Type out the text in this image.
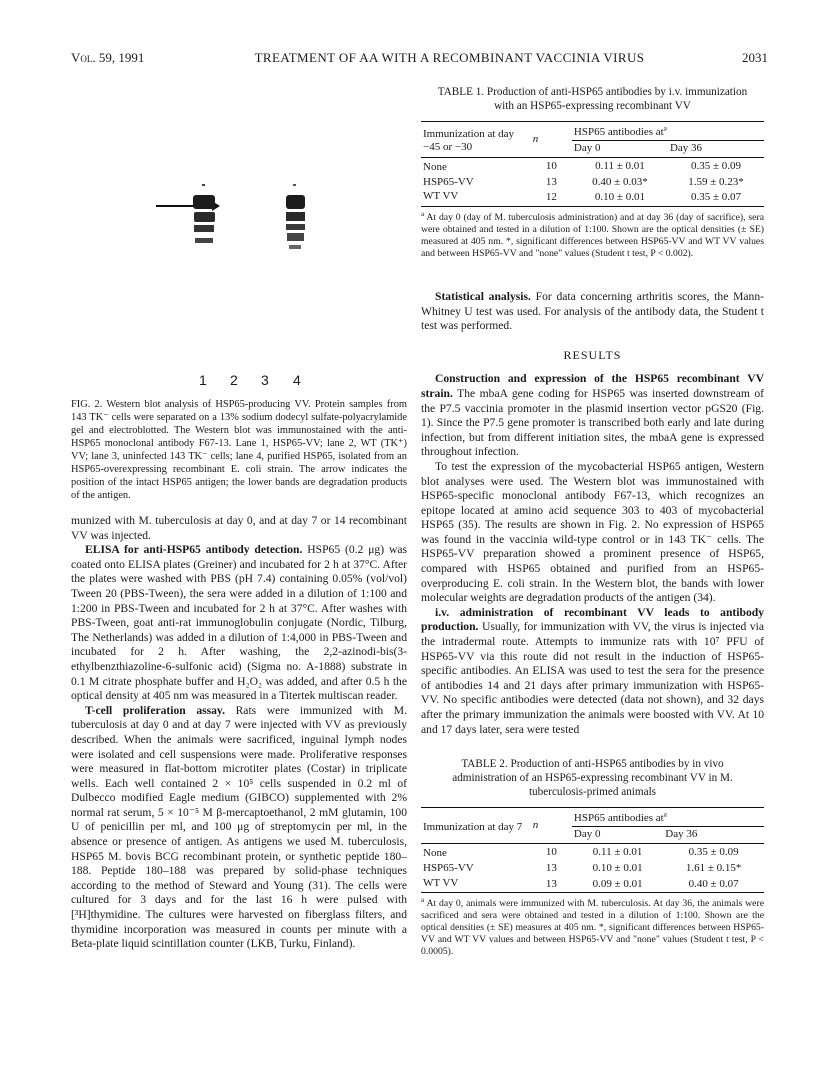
Vol. 59, 1991	TREATMENT OF AA WITH A RECOMBINANT VACCINIA VIRUS	2031
1 2 3 4
FIG. 2. Western blot analysis of HSP65-producing VV. Protein samples from 143 TK⁻ cells were separated on a 13% sodium dodecyl sulfate-polyacrylamide gel and electroblotted. The Western blot was immunostained with the anti-HSP65 monoclonal antibody F67-13. Lane 1, HSP65-VV; lane 2, WT (TK⁺) VV; lane 3, uninfected 143 TK⁻ cells; lane 4, purified HSP65, isolated from an HSP65-overexpressing recombinant E. coli strain. The arrow indicates the position of the intact HSP65 antigen; the lower bands are degradation products of the antigen.

munized with M. tuberculosis at day 0, and at day 7 or 14 recombinant VV was injected.

ELISA for anti-HSP65 antibody detection. HSP65 (0.2 μg) was coated onto ELISA plates (Greiner) and incubated for 2 h at 37°C. After the plates were washed with PBS (pH 7.4) containing 0.05% (vol/vol) Tween 20 (PBS-Tween), the sera were added in a dilution of 1:100 and 1:200 in PBS-Tween and incubated for 2 h at 37°C. After washes with PBS-Tween, goat anti-rat immunoglobulin conjugate (Nordic, Tilburg, The Netherlands) was added in a dilution of 1:4,000 in PBS-Tween and incubated for 2 h. After washing, the 2,2-azinodi-bis(3-ethylbenzthiazoline-6-sulfonic acid) (Sigma no. A-1888) substrate in 0.1 M citrate phosphate buffer and H₂O₂ was added, and after 0.5 h the optical density at 405 nm was measured in a Titertek multiscan reader.

T-cell proliferation assay. Rats were immunized with M. tuberculosis at day 0 and at day 7 were injected with VV as previously described. When the animals were sacrificed, inguinal lymph nodes were isolated and cell suspensions were made. Proliferative responses were measured in flat-bottom microtiter plates (Costar) in triplicate wells. Each well contained 2 × 10⁵ cells suspended in 0.2 ml of Dulbecco modified Eagle medium (GIBCO) supplemented with 2% normal rat serum, 5 × 10⁻⁵ M β-mercaptoethanol, 2 mM glutamin, 100 U of penicillin per ml, and 100 μg of streptomycin per ml, in the absence or presence of antigen. As antigens we used M. tuberculosis, HSP65 M. bovis BCG recombinant protein, or synthetic peptide 180–188. Peptide 180–188 was prepared by solid-phase techniques according to the method of Steward and Young (31). The cells were cultured for 3 days and for the last 16 h were pulsed with [³H]thymidine. The cultures were harvested on fiberglass filters, and thymidine incorporation was measured in counts per minute with a Beta-plate liquid scintillation counter (LKB, Turku, Finland).

TABLE 1. Production of anti-HSP65 antibodies by i.v. immunization with an HSP65-expressing recombinant VV
Immunization at day −45 or −30	n	HSP65 antibodies $at^a$
		Day 0	Day 36
None	10	0.11 ± 0.01	0.35 ± 0.09
HSP65-VV	13	0.40 ± 0.03*	1.59 ± 0.23*
WT VV	12	0.10 ± 0.01	0.35 ± 0.07
$^a$ At day 0 (day of M. tuberculosis administration) and at day 36 (day of sacrifice), sera were obtained and tested in a dilution of 1:100. Shown are the optical densities (± SE) measured at 405 nm. *, significant differences between HSP65-VV and WT VV values and between HSP65-VV and "none" values (Student t test, P < 0.002).

Statistical analysis. For data concerning arthritis scores, the Mann-Whitney U test was used. For analysis of the antibody data, the Student t test was performed.

RESULTS

Construction and expression of the HSP65 recombinant VV strain. The mbaA gene coding for HSP65 was inserted downstream of the P7.5 vaccinia promoter in the plasmid insertion vector pGS20 (Fig. 1). Since the P7.5 gene promoter is transcribed both early and late during infection, but from different initiation sites, the mbaA gene is expressed throughout infection.

To test the expression of the mycobacterial HSP65 antigen, Western blot analyses were used. The Western blot was immunostained with HSP65-specific monoclonal antibody F67-13, which recognizes an epitope located at amino acid sequence 303 to 403 of mycobacterial HSP65 (35). The results are shown in Fig. 2. No expression of HSP65 was found in the vaccinia wild-type control or in 143 TK⁻ cells. The HSP65-VV preparation showed a prominent presence of HSP65, compared with HSP65 obtained and purified from an HSP65-overproducing E. coli strain. In the Western blot, the bands with lower molecular weights are degradation products of the antigen (34).

i.v. administration of recombinant VV leads to antibody production. Usually, for immunization with VV, the virus is injected via the intradermal route. Attempts to immunize rats with 10⁷ PFU of HSP65-VV via this route did not result in the induction of HSP65-specific antibodies. An ELISA was used to test the sera for the presence of antibodies 14 and 21 days after primary immunization with HSP65-VV. No specific antibodies were detected (data not shown), and 32 days after the primary immunization the animals were boosted with VV. At 10 and 17 days later, sera were tested

TABLE 2. Production of anti-HSP65 antibodies by in vivo administration of an HSP65-expressing recombinant VV in M. tuberculosis-primed animals
Immunization at day 7	n	HSP65 antibodies $at^a$
		Day 0	Day 36
None	10	0.11 ± 0.01	0.35 ± 0.09
HSP65-VV	13	0.10 ± 0.01	1.61 ± 0.15*
WT VV	13	0.09 ± 0.01	0.40 ± 0.07
$^a$ At day 0, animals were immunized with M. tuberculosis. At day 36, the animals were sacrificed and sera were obtained and tested in a dilution of 1:100. Shown are the optical densities (± SE) measures at 405 nm. *, significant differences between HSP65-VV and WT VV values and between HSP65-VV and "none" values (Student t test, P < 0.0005).
